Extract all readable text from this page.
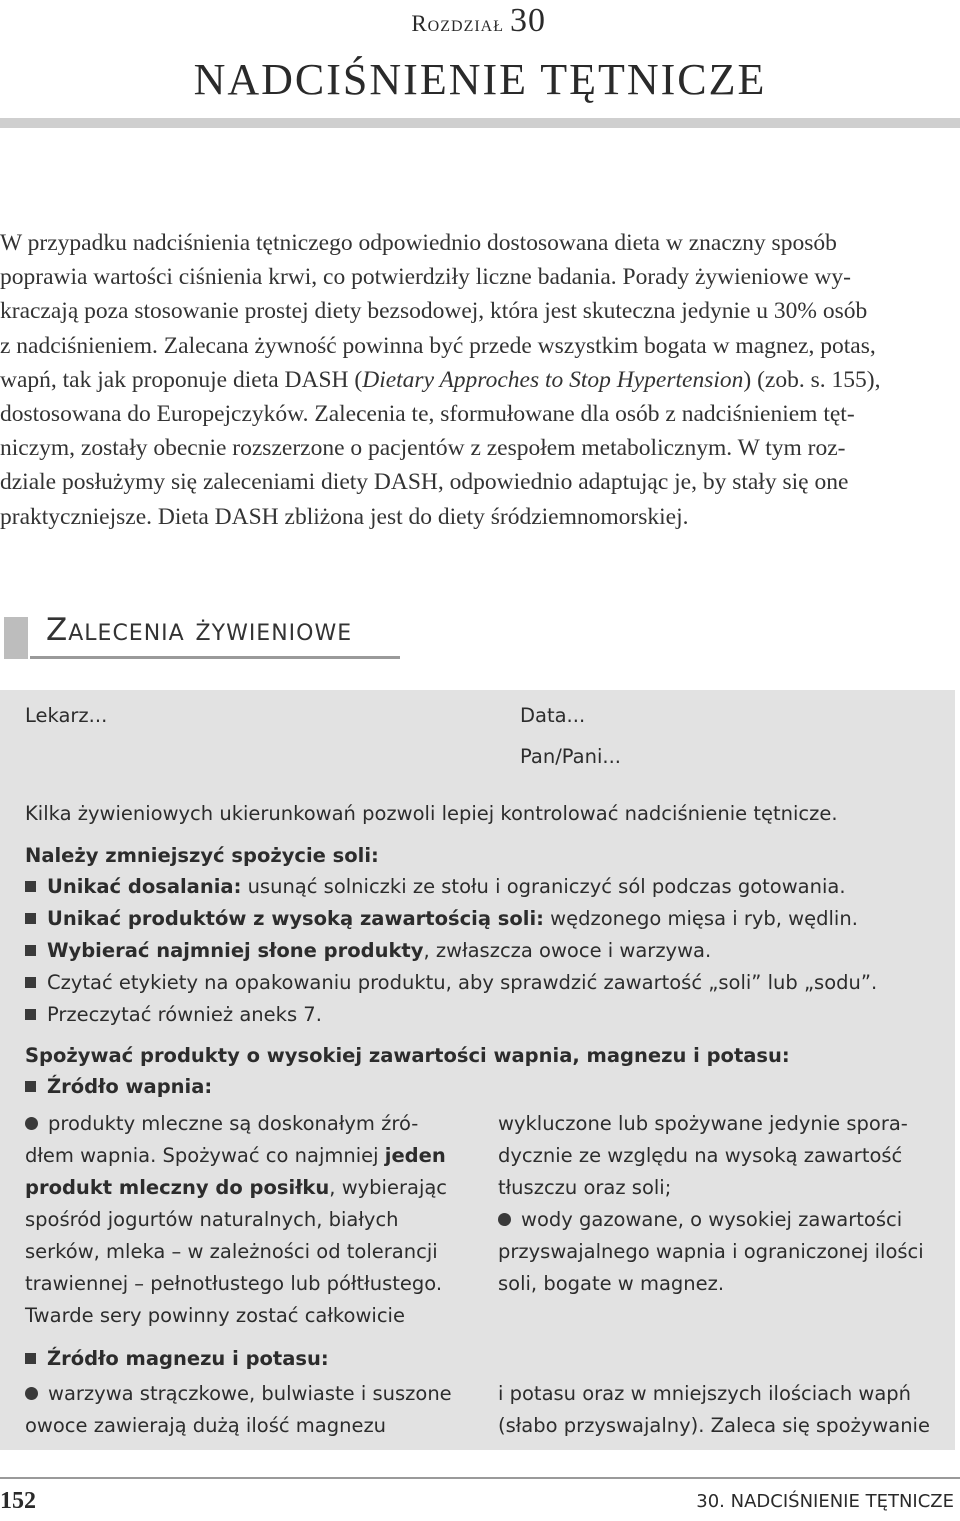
Rozdział 30
NADCIŚNIENIE TĘTNICZE
W przypadku nadciśnienia tętniczego odpowiednio dostosowana dieta w znaczny sposób
poprawia wartości ciśnienia krwi, co potwierdziły liczne badania. Porady żywieniowe wy-
kraczają poza stosowanie prostej diety bezsodowej, która jest skuteczna jedynie u 30% osób
z nadciśnieniem. Zalecana żywność powinna być przede wszystkim bogata w magnez, potas,
wapń, tak jak proponuje dieta DASH (Dietary Approches to Stop Hypertension) (zob. s. 155),
dostosowana do Europejczyków. Zalecenia te, sformułowane dla osób z nadciśnieniem tęt-
niczym, zostały obecnie rozszerzone o pacjentów z zespołem metabolicznym. W tym roz-
dziale posłużymy się zaleceniami diety DASH, odpowiednio adaptując je, by stały się one
praktyczniejsze. Dieta DASH zbliżona jest do diety śródziemnomorskiej.
Zalecenia żywieniowe
Lekarz...	Data...
Pan/Pani...
Kilka żywieniowych ukierunkowań pozwoli lepiej kontrolować nadciśnienie tętnicze.
Należy zmniejszyć spożycie soli:
Unikać dosalania: usunąć solniczki ze stołu i ograniczyć sól podczas gotowania.
Unikać produktów z wysoką zawartością soli: wędzonego mięsa i ryb, wędlin.
Wybierać najmniej słone produkty, zwłaszcza owoce i warzywa.
Czytać etykiety na opakowaniu produktu, aby sprawdzić zawartość „soli” lub „sodu”.
Przeczytać również aneks 7.
Spożywać produkty o wysokiej zawartości wapnia, magnezu i potasu:
Źródło wapnia:
produkty mleczne są doskonałym źró-
dłem wapnia. Spożywać co najmniej jeden
produkt mleczny do posiłku, wybierając
spośród jogurtów naturalnych, białych
serków, mleka – w zależności od tolerancji
trawiennej – pełnotłustego lub półtłustego.
Twarde sery powinny zostać całkowicie
wykluczone lub spożywane jedynie spora-
dycznie ze względu na wysoką zawartość
tłuszczu oraz soli;
wody gazowane, o wysokiej zawartości
przyswajalnego wapnia i ograniczonej ilości
soli, bogate w magnez.
Źródło magnezu i potasu:
warzywa strączkowe, bulwiaste i suszone
owoce zawierają dużą ilość magnezu
i potasu oraz w mniejszych ilościach wapń
(słabo przyswajalny). Zaleca się spożywanie
152	30. NADCIŚNIENIE TĘTNICZE
